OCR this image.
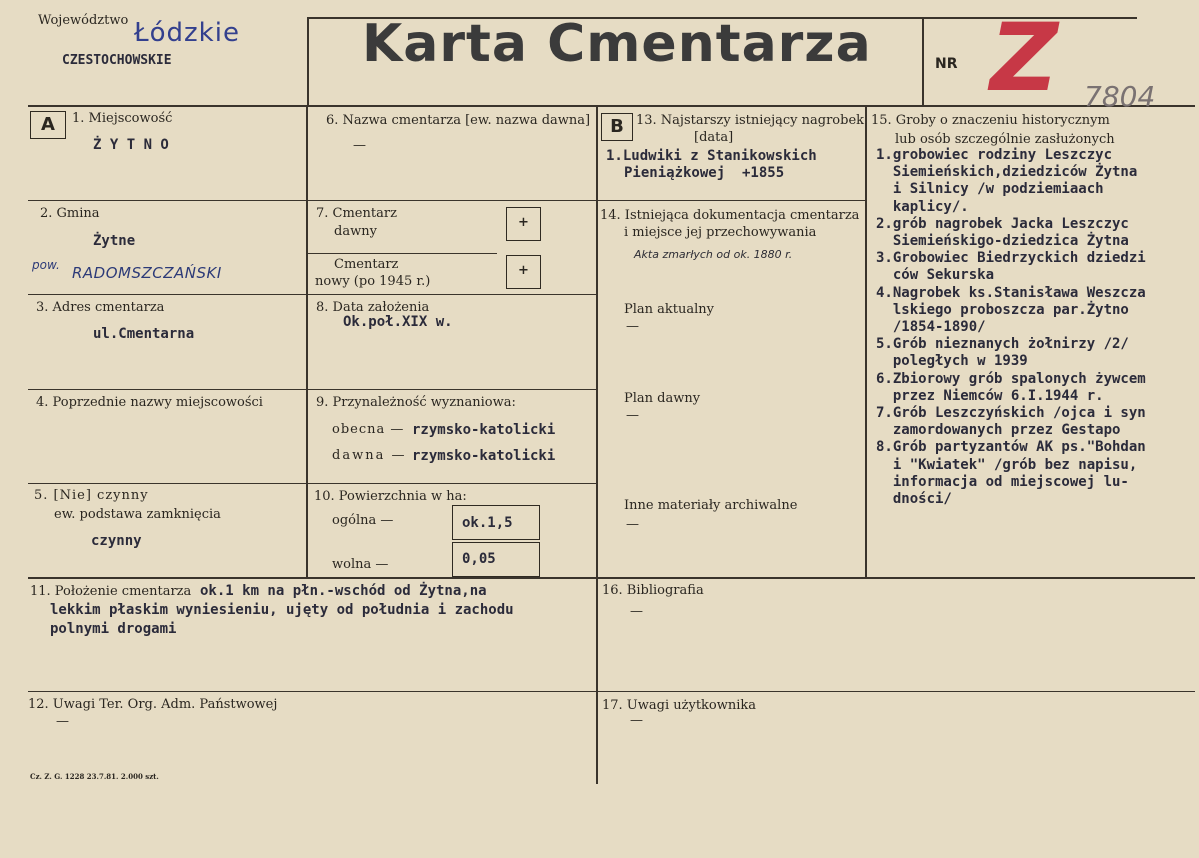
Województwo Łódzkie
CZESTOCHOWSKIE	Karta Cmentarza	NR Z 7804
A	1. Miejscowość
Ż Y T N O
2. Gmina
Żytne
pow. RADOMSZCZAŃSKI
3. Adres cmentarza
ul.Cmentarna
4. Poprzednie nazwy miejscowości
5. [Nie] czynny
ew. podstawa zamknięcia
czynny
6. Nazwa cmentarza [ew. nazwa dawna]
—
7. Cmentarz
dawny
+
Cmentarz
nowy (po 1945 r.)
+
8. Data założenia
Ok.poł.XIX w.
9. Przynależność wyznaniowa:
obecna — rzymsko-katolicki
dawna — rzymsko-katolicki
10. Powierzchnia w ha:
ogólna —	ok.1,5
wolna —	0,05
B 13. Najstarszy istniejący nagrobek
[data]
1.Ludwiki z Stanikowskich
Pieniążkowej  +1855
14. Istniejąca dokumentacja cmentarza
i miejsce jej przechowywania
Akta zmarłych od ok. 1880 r.
Plan aktualny
—
Plan dawny
—
Inne materiały archiwalne
—
15. Groby o znaczeniu historycznym
lub osób szczególnie zasłużonych
1.grobowiec rodziny Leszczyc
Siemieńskich,dziedziców Żytna
i Silnicy /w podziemiaach
kaplicy/.
2.grób nagrobek Jacka Leszczyc
Siemieńskigo-dziedzica Żytna
3.Grobowiec Biedrzyckich dziedzi
ców Sekurska
4.Nagrobek ks.Stanisława Weszcza
lskiego proboszcza par.Żytno
/1854-1890/
5.Grób nieznanych żołnirzy /2/
poległych w 1939
6.Zbiorowy grób spalonych żywcem
przez Niemców 6.I.1944 r.
7.Grób Leszczyńskich /ojca i syn
zamordowanych przez Gestapo
8.Grób partyzantów AK ps."Bohdan
i "Kwiatek" /grób bez napisu,
informacja od miejscowej lu-
dności/
11. Położenie cmentarza ok.1 km na płn.-wschód od Żytna,na
lekkim płaskim wyniesieniu, ujęty od południa i zachodu
polnymi drogami
12. Uwagi Ter. Org. Adm. Państwowej
—
16. Bibliografia
—
17. Uwagi użytkownika
—
Cz. Z. G. 1228 23.7.81. 2.000 szt.
